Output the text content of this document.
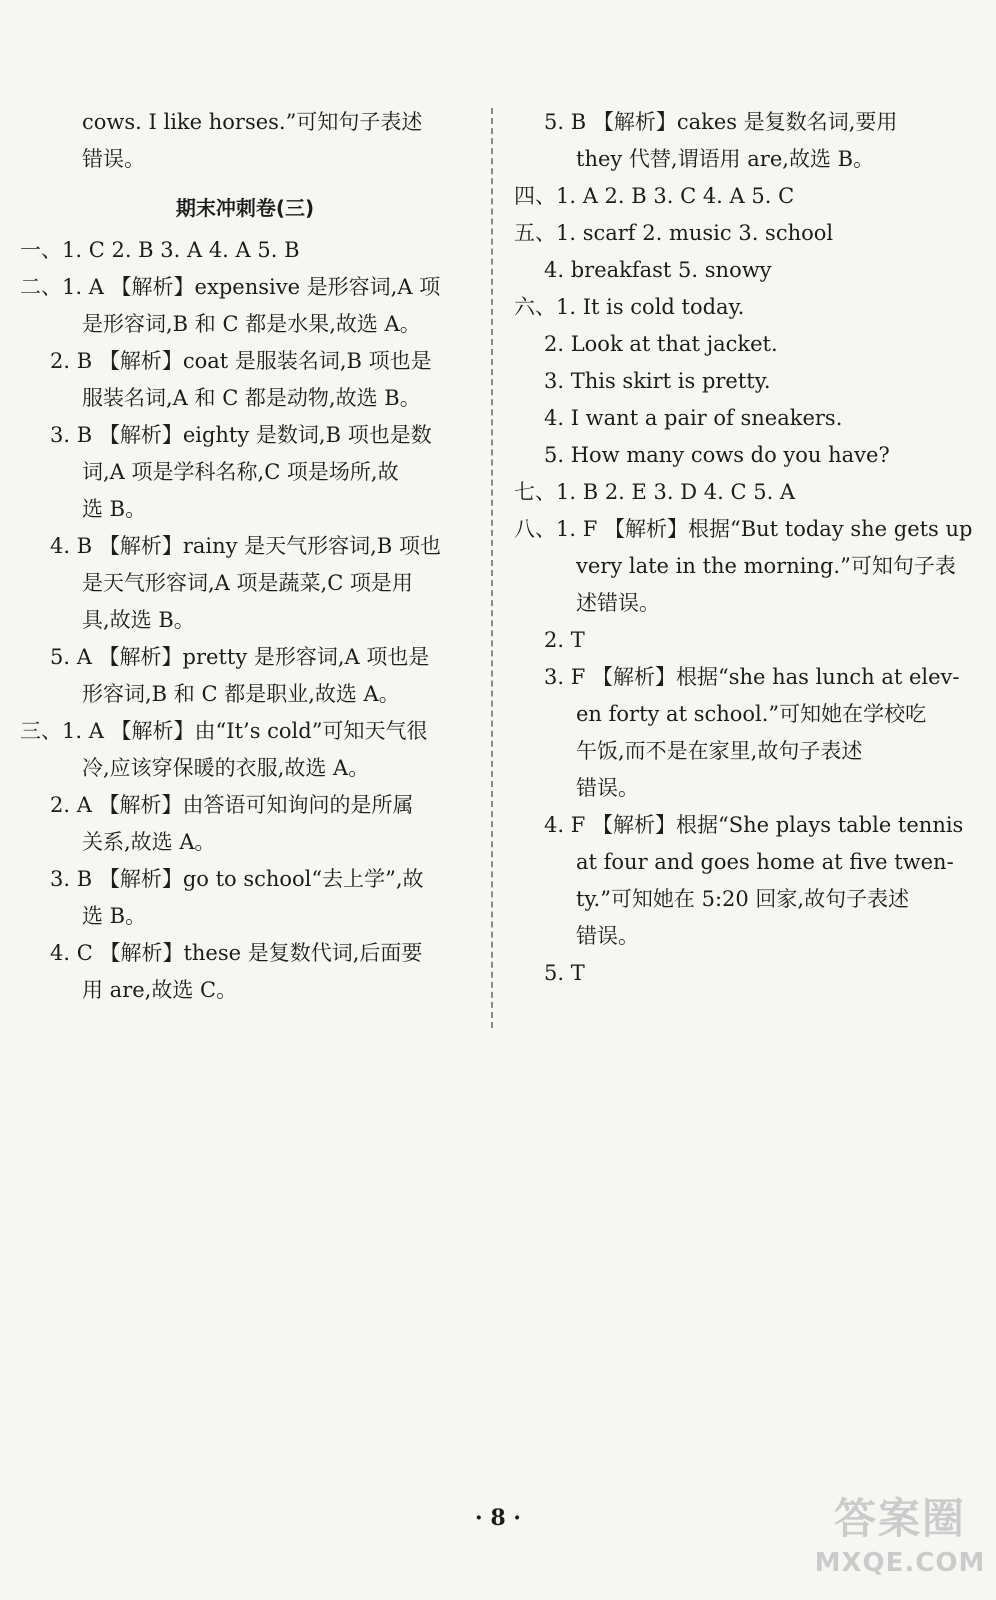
cows. I like horses.”可知句子表述
错误。
期末冲刺卷(三)
一、1. C 2. B 3. A 4. A 5. B
二、1. A 【解析】expensive 是形容词,A 项
是形容词,B 和 C 都是水果,故选 A。
2. B 【解析】coat 是服装名词,B 项也是
服装名词,A 和 C 都是动物,故选 B。
3. B 【解析】eighty 是数词,B 项也是数
词,A 项是学科名称,C 项是场所,故
选 B。
4. B 【解析】rainy 是天气形容词,B 项也
是天气形容词,A 项是蔬菜,C 项是用
具,故选 B。
5. A 【解析】pretty 是形容词,A 项也是
形容词,B 和 C 都是职业,故选 A。
三、1. A 【解析】由“It’s cold”可知天气很
冷,应该穿保暖的衣服,故选 A。
2. A 【解析】由答语可知询问的是所属
关系,故选 A。
3. B 【解析】go to school“去上学”,故
选 B。
4. C 【解析】these 是复数代词,后面要
用 are,故选 C。
5. B 【解析】cakes 是复数名词,要用
they 代替,谓语用 are,故选 B。
四、1. A 2. B 3. C 4. A 5. C
五、1. scarf 2. music 3. school
4. breakfast 5. snowy
六、1. It is cold today.
2. Look at that jacket.
3. This skirt is pretty.
4. I want a pair of sneakers.
5. How many cows do you have?
七、1. B 2. E 3. D 4. C 5. A
八、1. F 【解析】根据“But today she gets up
very late in the morning.”可知句子表
述错误。
2. T
3. F 【解析】根据“she has lunch at elev-
en forty at school.”可知她在学校吃
午饭,而不是在家里,故句子表述
错误。
4. F 【解析】根据“She plays table tennis
at four and goes home at five twen-
ty.”可知她在 5:20 回家,故句子表述
错误。
5. T
· 8 ·	答案圈
MXQE.COM
